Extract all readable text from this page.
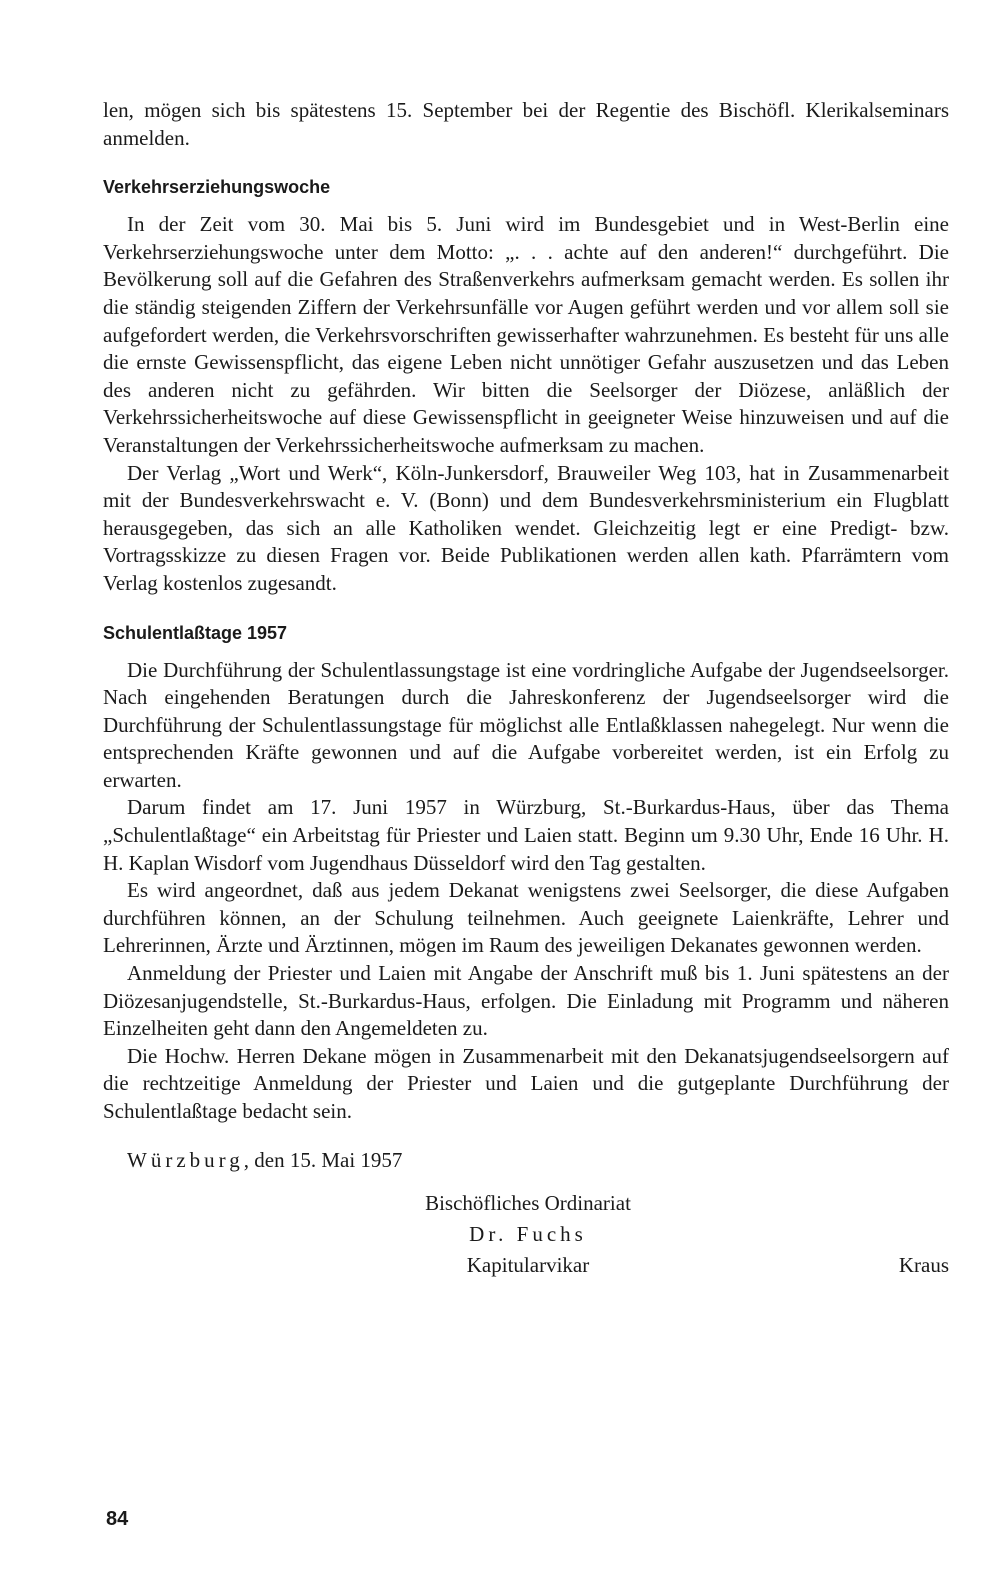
len, mögen sich bis spätestens 15. September bei der Regentie des Bischöfl. Klerikalseminars anmelden.

Verkehrserziehungswoche

In der Zeit vom 30. Mai bis 5. Juni wird im Bundesgebiet und in West-Berlin eine Verkehrserziehungswoche unter dem Motto: „. . . achte auf den anderen!“ durchgeführt. Die Bevölkerung soll auf die Gefahren des Straßenverkehrs aufmerksam gemacht werden. Es sollen ihr die ständig steigenden Ziffern der Verkehrsunfälle vor Augen geführt werden und vor allem soll sie aufgefordert werden, die Verkehrsvorschriften gewisserhafter wahrzunehmen. Es besteht für uns alle die ernste Gewissenspflicht, das eigene Leben nicht unnötiger Gefahr auszusetzen und das Leben des anderen nicht zu gefährden. Wir bitten die Seelsorger der Diözese, anläßlich der Verkehrssicherheitswoche auf diese Gewissenspflicht in geeigneter Weise hinzuweisen und auf die Veranstaltungen der Verkehrssicherheitswoche aufmerksam zu machen.

Der Verlag „Wort und Werk“, Köln-Junkersdorf, Brauweiler Weg 103, hat in Zusammenarbeit mit der Bundesverkehrswacht e. V. (Bonn) und dem Bundesverkehrsministerium ein Flugblatt herausgegeben, das sich an alle Katholiken wendet. Gleichzeitig legt er eine Predigt- bzw. Vortragsskizze zu diesen Fragen vor. Beide Publikationen werden allen kath. Pfarrämtern vom Verlag kostenlos zugesandt.

Schulentlaßtage 1957

Die Durchführung der Schulentlassungstage ist eine vordringliche Aufgabe der Jugendseelsorger. Nach eingehenden Beratungen durch die Jahreskonferenz der Jugendseelsorger wird die Durchführung der Schulentlassungstage für möglichst alle Entlaßklassen nahegelegt. Nur wenn die entsprechenden Kräfte gewonnen und auf die Aufgabe vorbereitet werden, ist ein Erfolg zu erwarten.

Darum findet am 17. Juni 1957 in Würzburg, St.-Burkardus-Haus, über das Thema „Schulentlaßtage“ ein Arbeitstag für Priester und Laien statt. Beginn um 9.30 Uhr, Ende 16 Uhr. H. H. Kaplan Wisdorf vom Jugendhaus Düsseldorf wird den Tag gestalten.

Es wird angeordnet, daß aus jedem Dekanat wenigstens zwei Seelsorger, die diese Aufgaben durchführen können, an der Schulung teilnehmen. Auch geeignete Laienkräfte, Lehrer und Lehrerinnen, Ärzte und Ärztinnen, mögen im Raum des jeweiligen Dekanates gewonnen werden.

Anmeldung der Priester und Laien mit Angabe der Anschrift muß bis 1. Juni spätestens an der Diözesanjugendstelle, St.-Burkardus-Haus, erfolgen. Die Einladung mit Programm und näheren Einzelheiten geht dann den Angemeldeten zu.

Die Hochw. Herren Dekane mögen in Zusammenarbeit mit den Dekanatsjugendseelsorgern auf die rechtzeitige Anmeldung der Priester und Laien und die gutgeplante Durchführung der Schulentlaßtage bedacht sein.

Würzburg, den 15. Mai 1957

Bischöfliches Ordinariat
Dr. Fuchs
Kapitularvikar	Kraus
84
